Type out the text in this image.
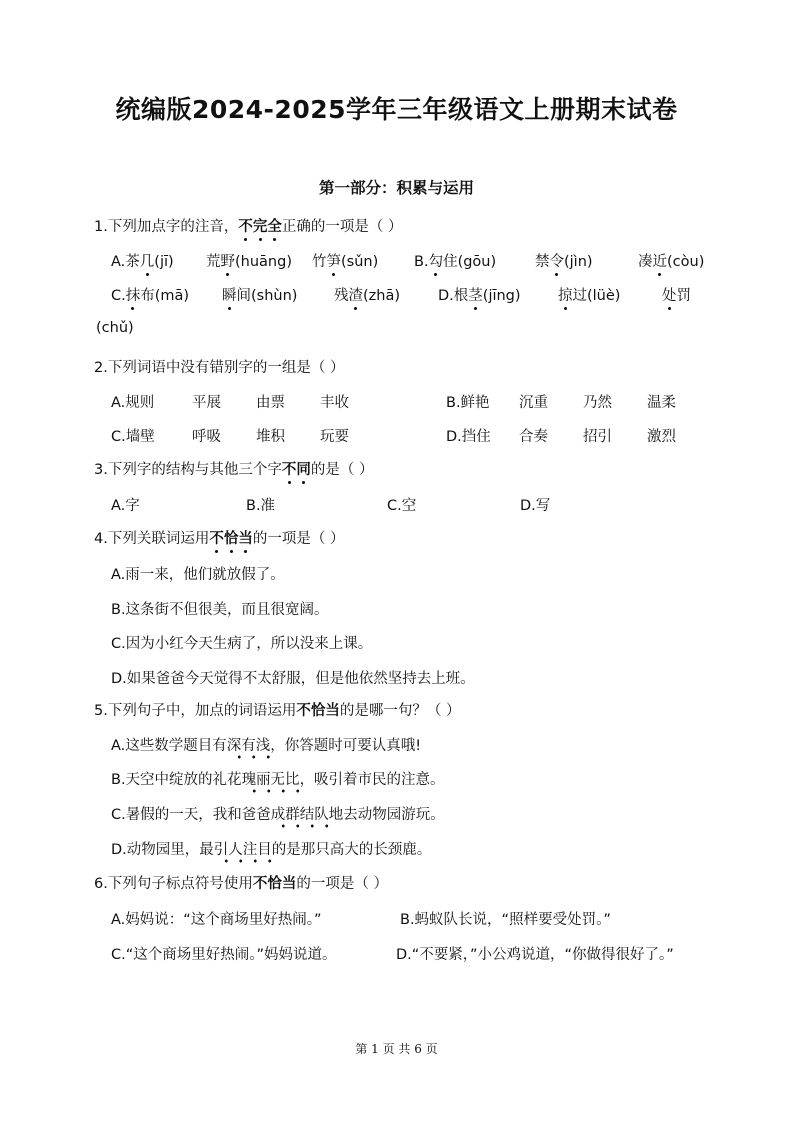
统编版2024-2025学年三年级语文上册期末试卷
第一部分：积累与运用
1.下列加点字的注音，不完全正确的一项是（ ）
A.茶几(jī) 荒野(huāng) 竹笋(sǔn) B.勾住(gōu)	禁令(jìn)	凑近(còu)
C.抹布(mā) 瞬间(shùn)	残渣(zhā)	D.根茎(jīng)	掠过(lüè)	处罚
(chǔ)
2.下列词语中没有错别字的一组是（ ）
A.规则	平展 由票 丰收	B.鲜艳 沉重 乃然 温柔
C.墙壁	呼吸 堆积 玩要	D.挡住 合奏 招引 激烈
3.下列字的结构与其他三个字不同的是（ ）
A.字	B.准	C.空	D.写
4.下列关联词运用不恰当的一项是（ ）
A.雨一来，他们就放假了。
B.这条街不但很美，而且很宽阔。
C.因为小红今天生病了，所以没来上课。
D.如果爸爸今天觉得不太舒服，但是他依然坚持去上班。
5.下列句子中，加点的词语运用不恰当的是哪一句？（ ）
A.这些数学题目有深有浅，你答题时可要认真哦!
B.天空中绽放的礼花瑰丽无比，吸引着市民的注意。
C.暑假的一天，我和爸爸成群结队地去动物园游玩。
D.动物园里，最引人注目的是那只高大的长颈鹿。
6.下列句子标点符号使用不恰当的一项是（ ）
A.妈妈说：“这个商场里好热闹。”	B.蚂蚁队长说，“照样要受处罚。”
C.“这个商场里好热闹。”妈妈说道。	D.“不要紧，”小公鸡说道，“你做得很好了。”
第 1 页 共 6 页
